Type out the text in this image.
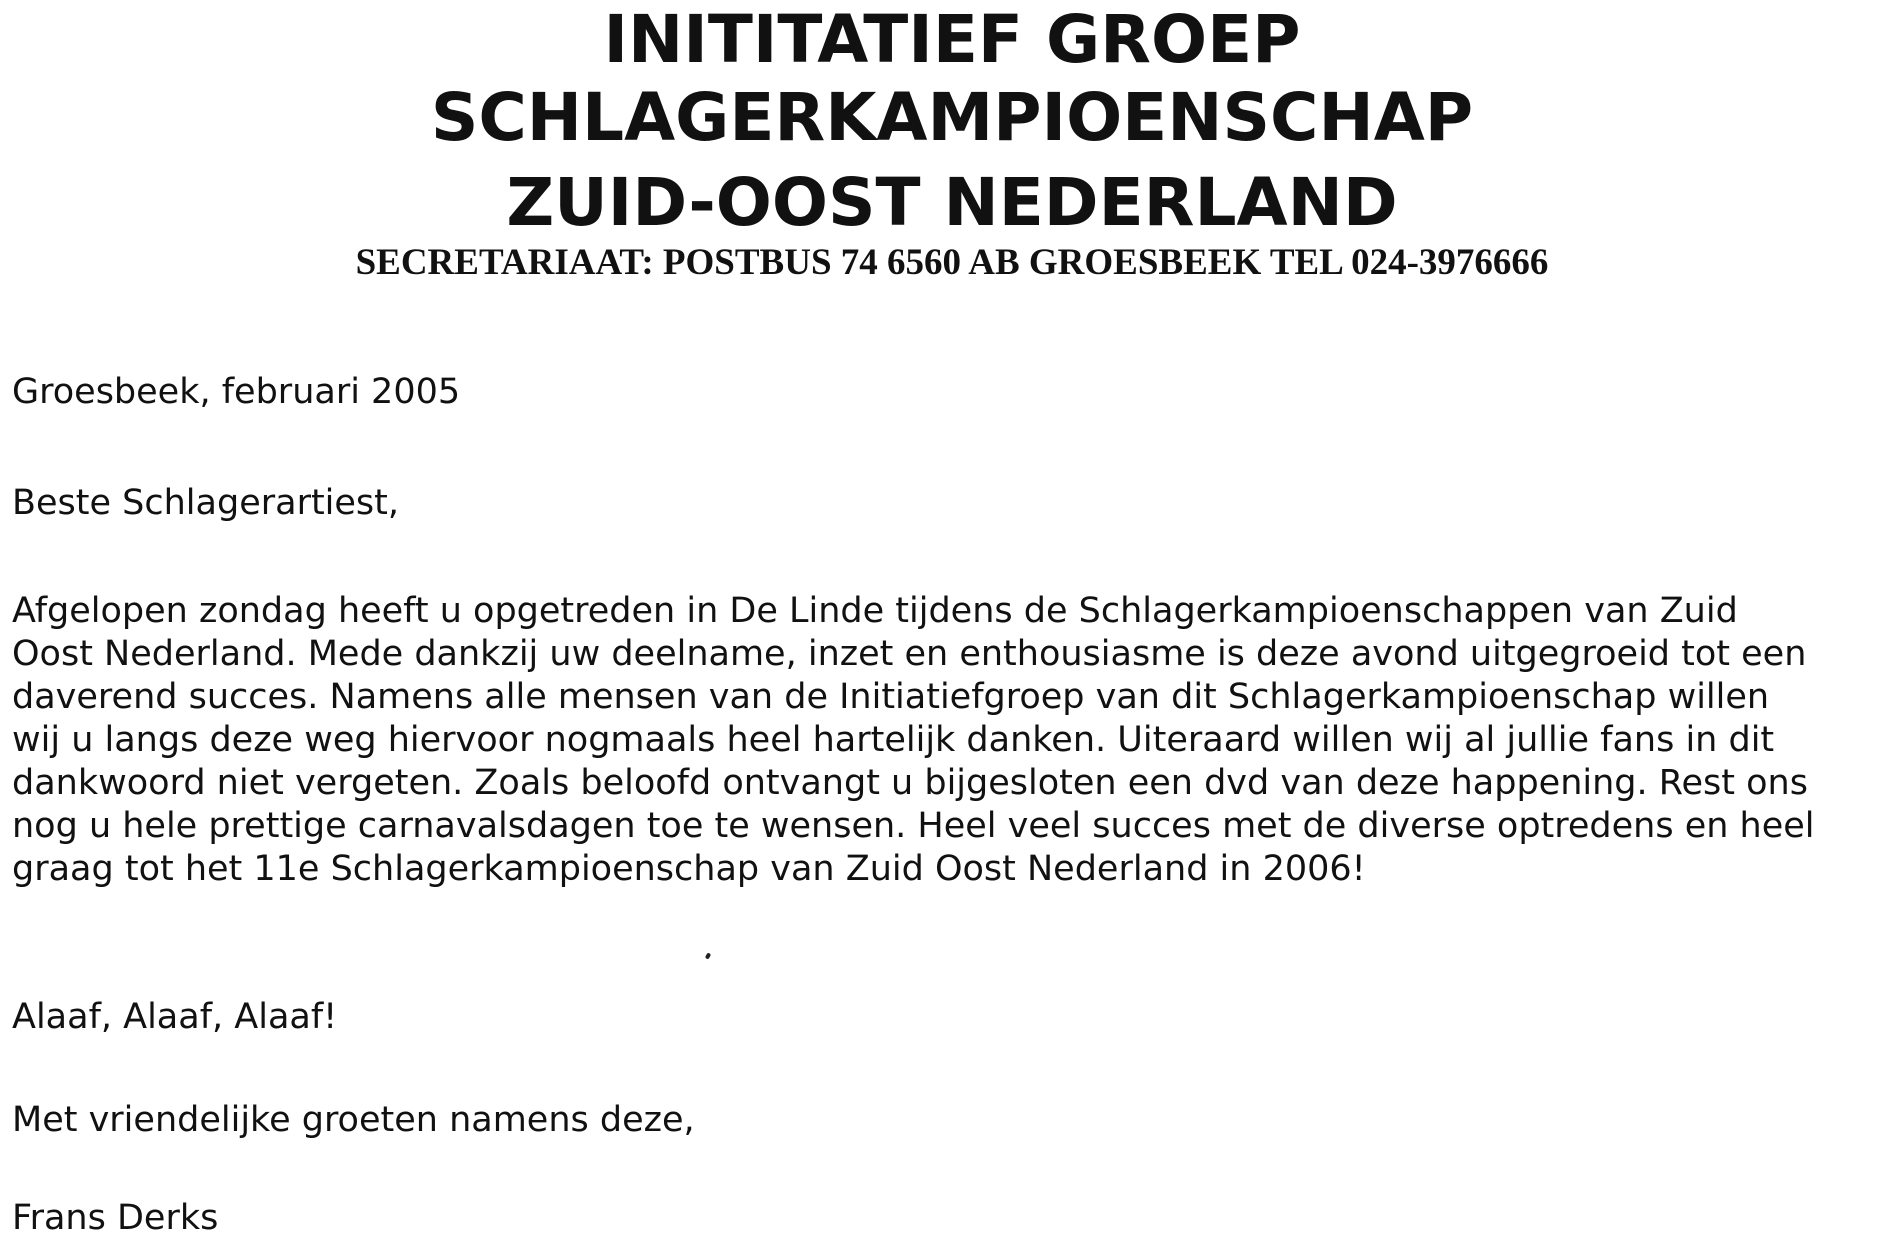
INITITATIEF GROEP
SCHLAGERKAMPIOENSCHAP
ZUID-OOST NEDERLAND
SECRETARIAAT: POSTBUS 74 6560 AB GROESBEEK TEL 024-3976666
Groesbeek, februari 2005
Beste Schlagerartiest,
Afgelopen zondag heeft u opgetreden in De Linde tijdens de Schlagerkampioenschappen van Zuid
Oost Nederland. Mede dankzij uw deelname, inzet en enthousiasme is deze avond uitgegroeid tot een
daverend succes. Namens alle mensen van de Initiatiefgroep van dit Schlagerkampioenschap willen
wij u langs deze weg hiervoor nogmaals heel hartelijk danken. Uiteraard willen wij al jullie fans in dit
dankwoord niet vergeten. Zoals beloofd ontvangt u bijgesloten een dvd van deze happening. Rest ons
nog u hele prettige carnavalsdagen toe te wensen. Heel veel succes met de diverse optredens en heel
graag tot het 11e Schlagerkampioenschap van Zuid Oost Nederland in 2006!
Alaaf, Alaaf, Alaaf!
Met vriendelijke groeten namens deze,
Frans Derks
